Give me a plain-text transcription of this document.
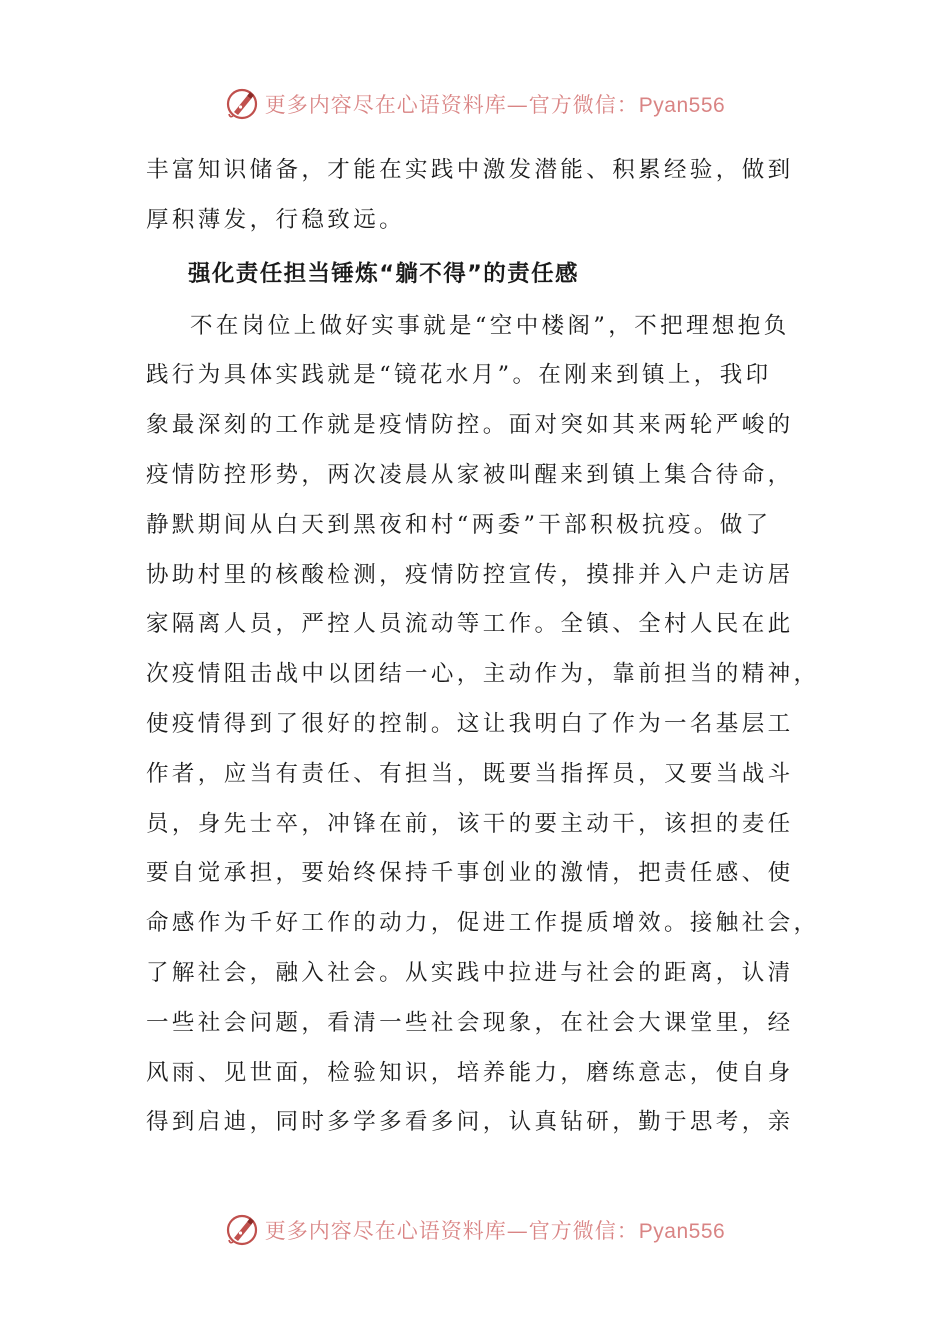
更多内容尽在心语资料库—官方微信：Pyan556
丰富知识储备，才能在实践中激发潜能、积累经验，做到
厚积薄发，行稳致远。
强化责任担当锤炼“躺不得”的责任感
不在岗位上做好实事就是“空中楼阁”，不把理想抱负
践行为具体实践就是“镜花水月”。在刚来到镇上，我印
象最深刻的工作就是疫情防控。面对突如其来两轮严峻的
疫情防控形势，两次凌晨从家被叫醒来到镇上集合待命，
静默期间从白天到黑夜和村“两委”干部积极抗疫。做了
协助村里的核酸检测，疫情防控宣传，摸排并入户走访居
家隔离人员，严控人员流动等工作。全镇、全村人民在此
次疫情阻击战中以团结一心，主动作为，靠前担当的精神，
使疫情得到了很好的控制。这让我明白了作为一名基层工
作者，应当有责任、有担当，既要当指挥员，又要当战斗
员，身先士卒，冲锋在前，该干的要主动干，该担的麦任
要自觉承担，要始终保持千事创业的激情，把责任感、使
命感作为千好工作的动力，促进工作提质增效。接触社会，
了解社会，融入社会。从实践中拉进与社会的距离，认清
一些社会问题，看清一些社会现象，在社会大课堂里，经
风雨、见世面，检验知识，培养能力，磨练意志，使自身
得到启迪，同时多学多看多问，认真钻研，勤于思考，亲
更多内容尽在心语资料库—官方微信：Pyan556
